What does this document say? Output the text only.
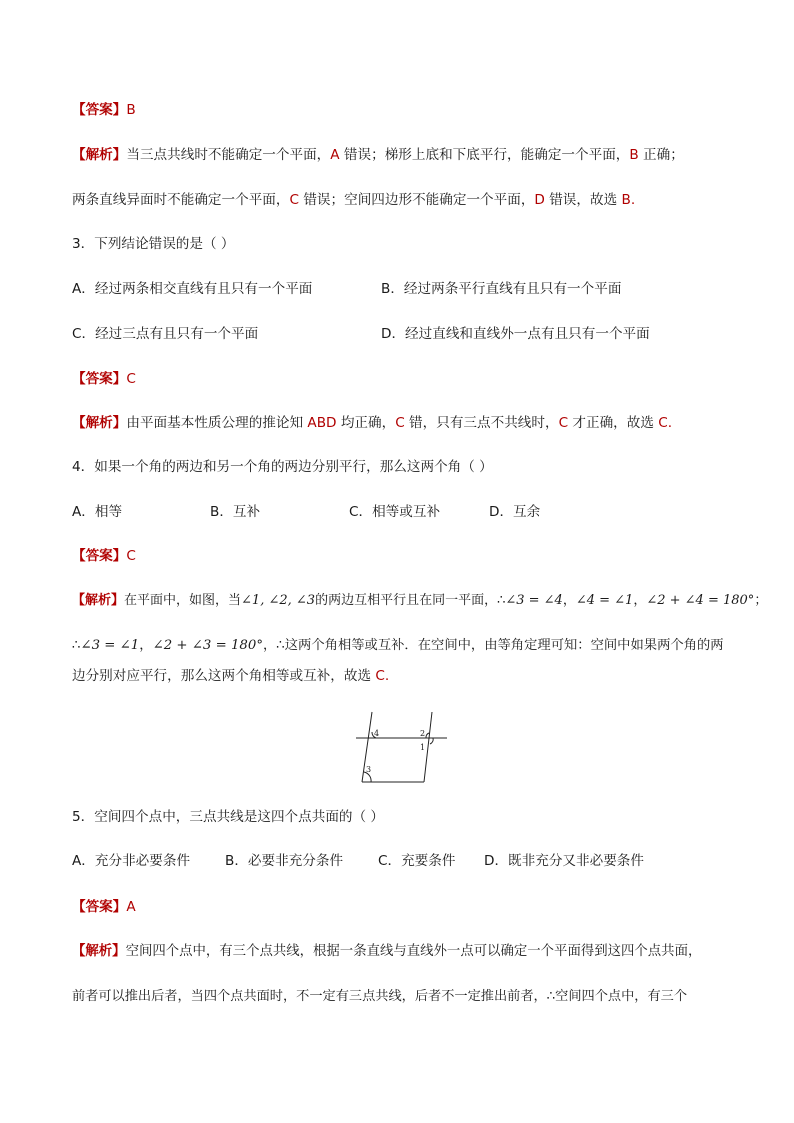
【答案】B
【解析】当三点共线时不能确定一个平面，A 错误；梯形上底和下底平行，能确定一个平面，B 正确；
两条直线异面时不能确定一个平面，C 错误；空间四边形不能确定一个平面，D 错误，故选 B.
3．下列结论错误的是（ ）
A．经过两条相交直线有且只有一个平面	B．经过两条平行直线有且只有一个平面
C．经过三点有且只有一个平面	D．经过直线和直线外一点有且只有一个平面
【答案】C
【解析】由平面基本性质公理的推论知 ABD 均正确，C 错，只有三点不共线时，C 才正确，故选 C.
4．如果一个角的两边和另一个角的两边分别平行，那么这两个角（ ）
A．相等	B．互补	C．相等或互补	D．互余
【答案】C
【解析】在平面中，如图，当∠1, ∠2, ∠3的两边互相平行且在同一平面，∴∠3 = ∠4，∠4 = ∠1，∠2 + ∠4 = 180°；
∴∠3 = ∠1，∠2 + ∠3 = 180°，∴这两个角相等或互补．在空间中，由等角定理可知：空间中如果两个角的两
边分别对应平行，那么这两个角相等或互补，故选 C.
4	2
1
3
5．空间四个点中，三点共线是这四个点共面的（ ）
A．充分非必要条件	B．必要非充分条件	C．充要条件 D．既非充分又非必要条件
【答案】A
【解析】空间四个点中，有三个点共线，根据一条直线与直线外一点可以确定一个平面得到这四个点共面，
前者可以推出后者，当四个点共面时，不一定有三点共线，后者不一定推出前者，∴空间四个点中，有三个
